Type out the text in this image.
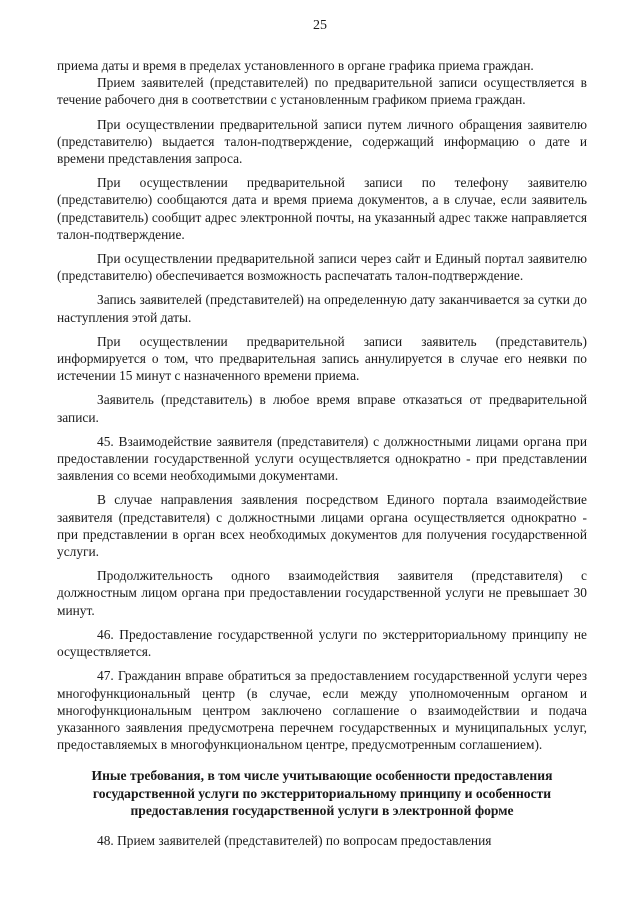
25

приема даты и время в пределах установленного в органе графика приема граждан.

Прием заявителей (представителей) по предварительной записи осуществляется в течение рабочего дня в соответствии с установленным графиком приема граждан.

При осуществлении предварительной записи путем личного обращения заявителю (представителю) выдается талон-подтверждение, содержащий информацию о дате и времени представления запроса.

При осуществлении предварительной записи по телефону заявителю (представителю) сообщаются дата и время приема документов, а в случае, если заявитель (представитель) сообщит адрес электронной почты, на указанный адрес также направляется талон-подтверждение.

При осуществлении предварительной записи через сайт и Единый портал заявителю (представителю) обеспечивается возможность распечатать талон-подтверждение.

Запись заявителей (представителей) на определенную дату заканчивается за сутки до наступления этой даты.

При осуществлении предварительной записи заявитель (представитель) информируется о том, что предварительная запись аннулируется в случае его неявки по истечении 15 минут с назначенного времени приема.

Заявитель (представитель) в любое время вправе отказаться от предварительной записи.

45. Взаимодействие заявителя (представителя) с должностными лицами органа при предоставлении государственной услуги осуществляется однократно - при представлении заявления со всеми необходимыми документами.

В случае направления заявления посредством Единого портала взаимодействие заявителя (представителя) с должностными лицами органа осуществляется однократно - при представлении в орган всех необходимых документов для получения государственной услуги.

Продолжительность одного взаимодействия заявителя (представителя) с должностным лицом органа при предоставлении государственной услуги не превышает 30 минут.

46. Предоставление государственной услуги по экстерриториальному принципу не осуществляется.

47. Гражданин вправе обратиться за предоставлением государственной услуги через многофункциональный центр (в случае, если между уполномоченным органом и многофункциональным центром заключено соглашение о взаимодействии и подача указанного заявления предусмотрена перечнем государственных и муниципальных услуг, предоставляемых в многофункциональном центре, предусмотренным соглашением).

Иные требования, в том числе учитывающие особенности предоставления государственной услуги по экстерриториальному принципу и особенности предоставления государственной услуги в электронной форме

48. Прием заявителей (представителей) по вопросам предоставления
